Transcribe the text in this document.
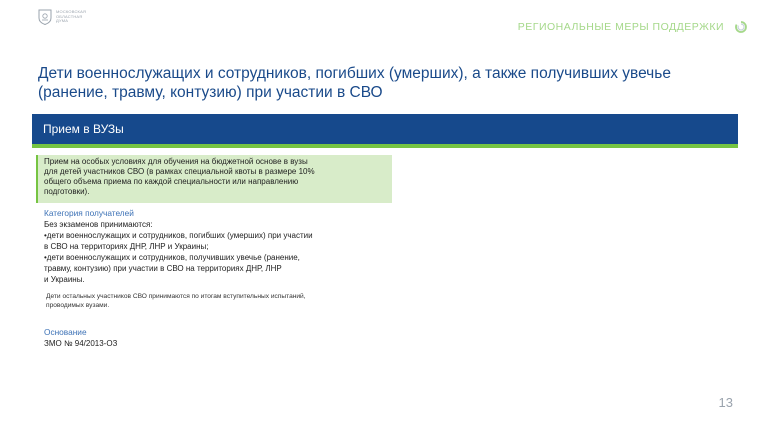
МОСКОВСКАЯ
ОБЛАСТНАЯ
ДУМА
РЕГИОНАЛЬНЫЕ МЕРЫ ПОДДЕРЖКИ
Дети военнослужащих и сотрудников, погибших (умерших), а также получивших увечье (ранение, травму, контузию) при участии в СВО
Прием в ВУЗы
Прием на особых условиях для обучения на бюджетной основе в вузы
для детей участников СВО (в рамках специальной квоты в размере 10%
общего объема приема по каждой специальности или направлению
подготовки).
Категория получателей
Без экзаменов принимаются:
•дети военнослужащих и сотрудников, погибших (умерших) при участии
в СВО на территориях ДНР, ЛНР и Украины;
•дети военнослужащих и сотрудников, получивших увечье (ранение,
травму, контузию) при участии в СВО на территориях ДНР, ЛНР
и Украины.
Дети остальных участников СВО принимаются по итогам вступительных испытаний,
проводимых вузами.
Основание
ЗМО № 94/2013-ОЗ
13
